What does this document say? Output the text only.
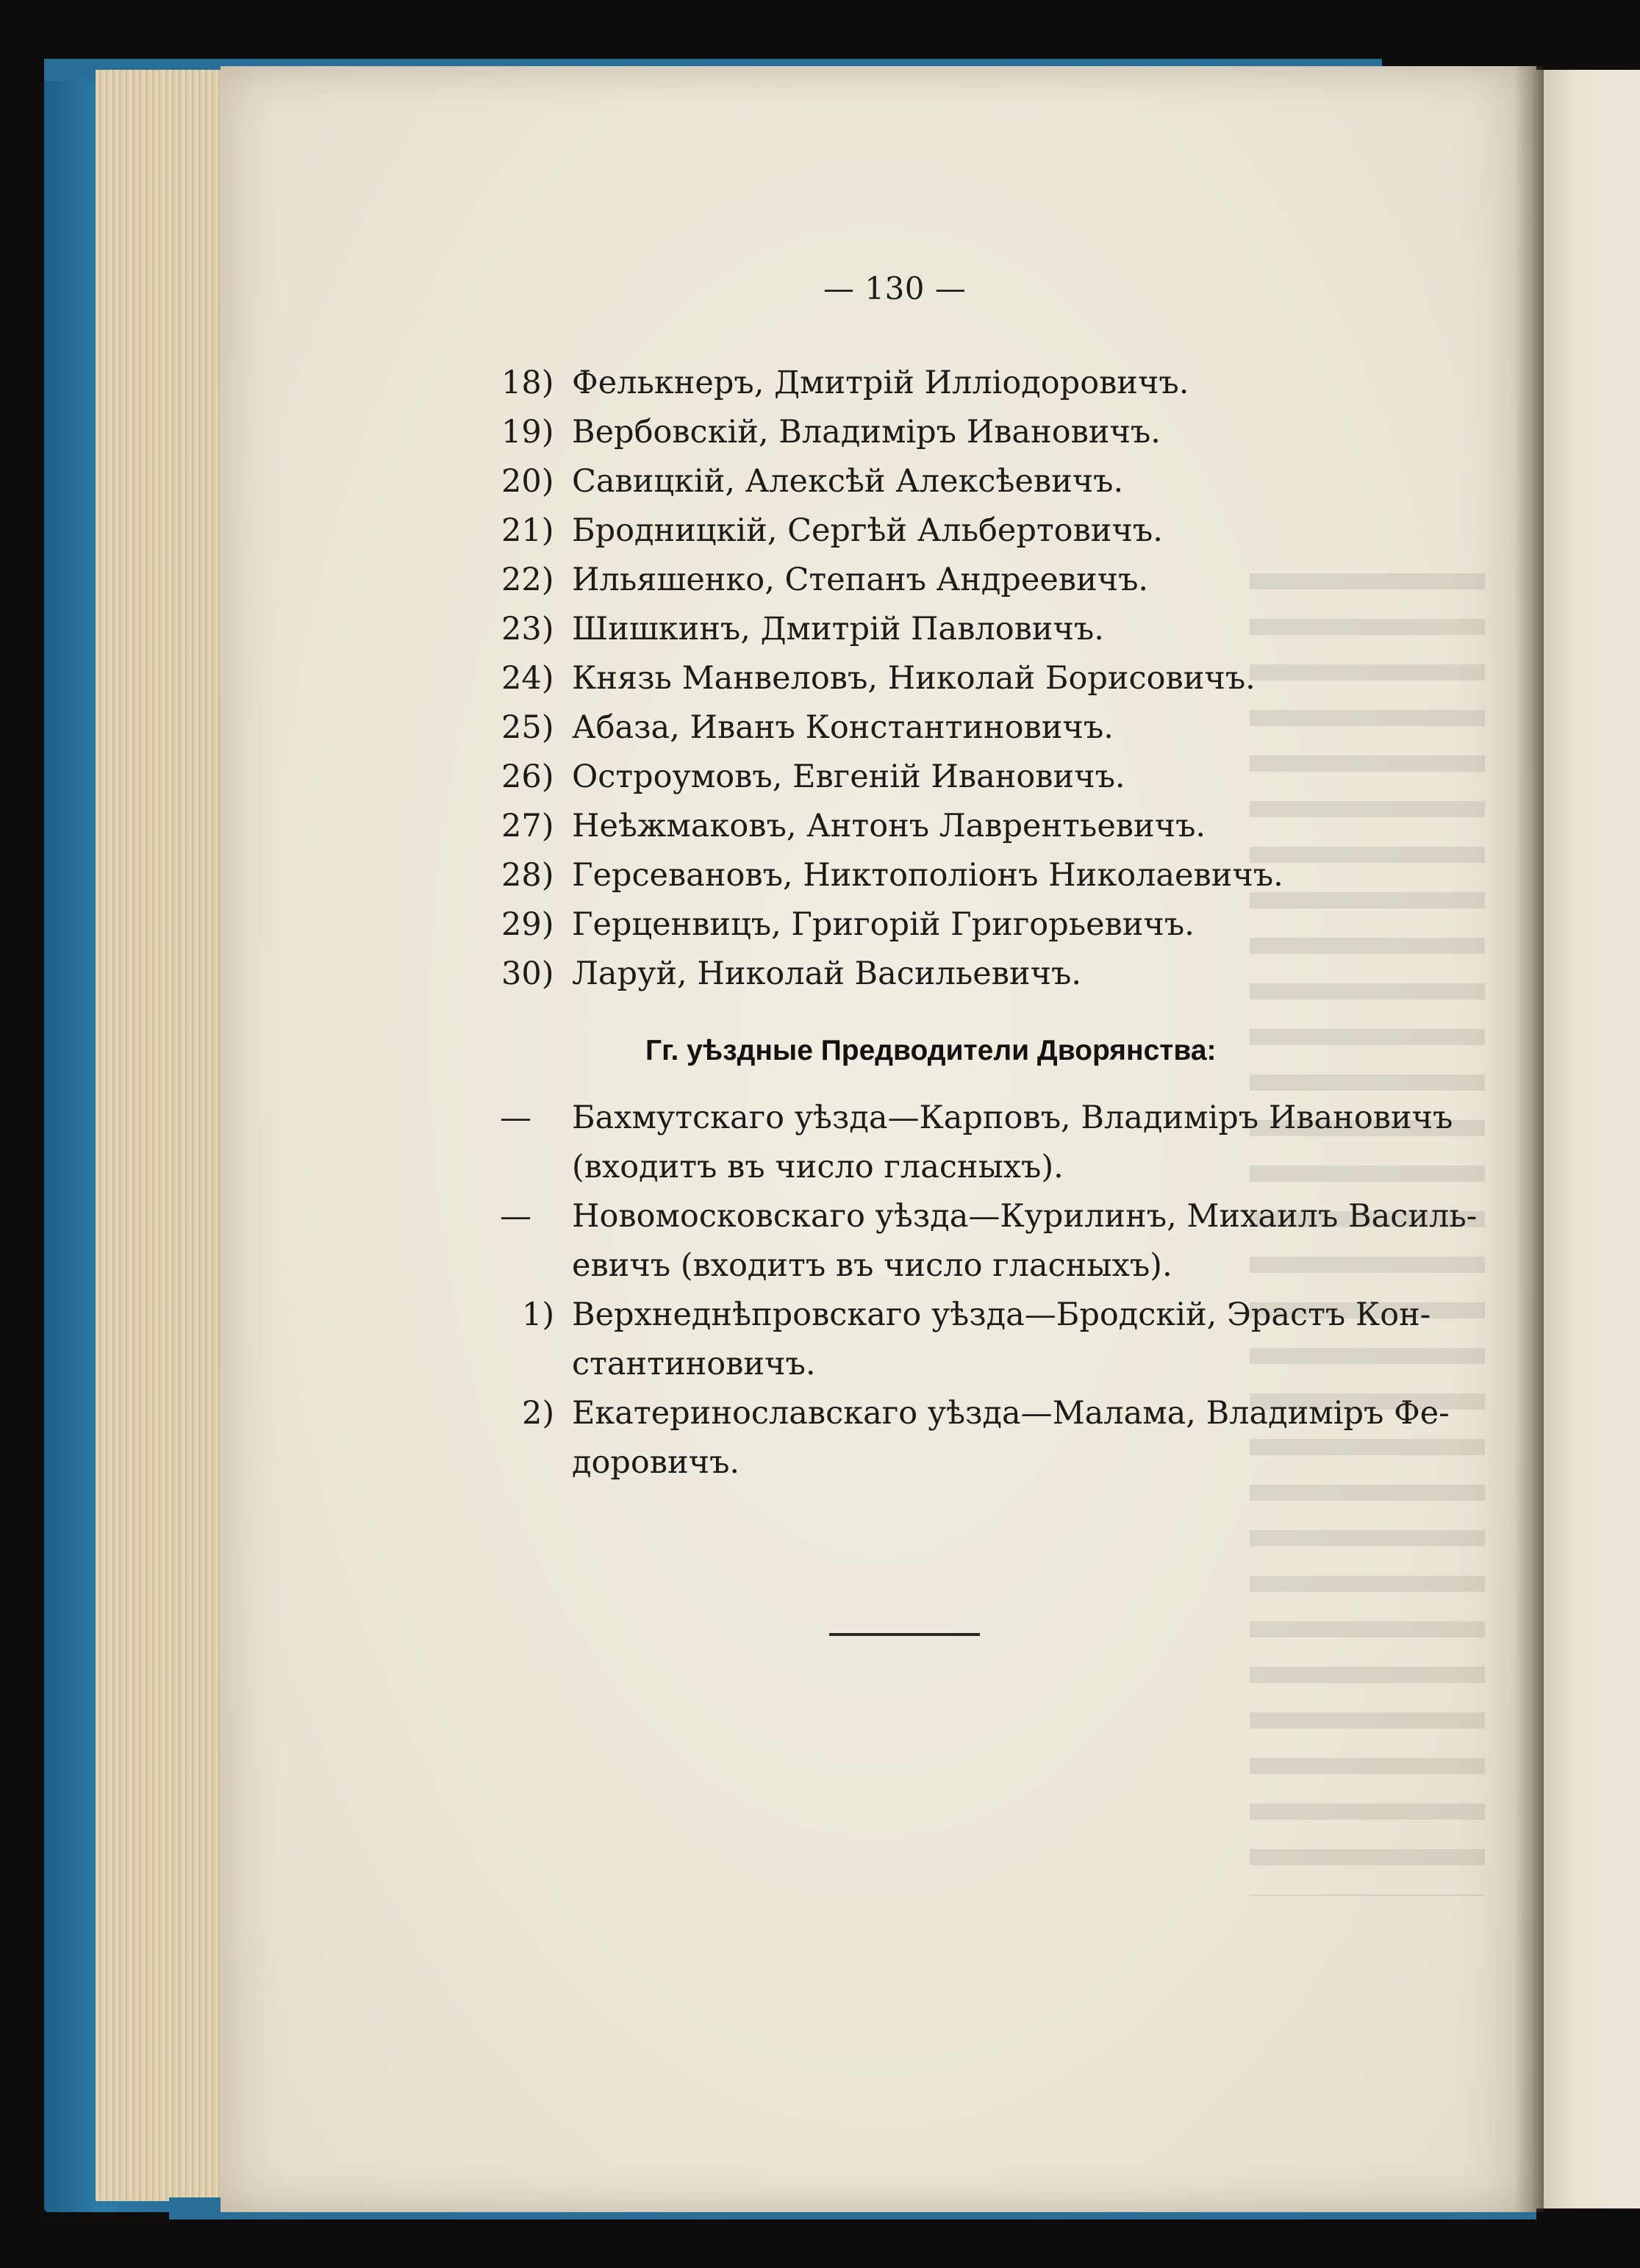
— 130 —
18) Фелькнеръ, Дмитрій Илліодоровичъ.
19) Вербовскій, Владиміръ Ивановичъ.
20) Савицкій, Алексѣй Алексѣевичъ.
21) Бродницкій, Сергѣй Альбертовичъ.
22) Ильяшенко, Степанъ Андреевичъ.
23) Шишкинъ, Дмитрій Павловичъ.
24) Князь Манвеловъ, Николай Борисовичъ.
25) Абаза, Иванъ Константиновичъ.
26) Остроумовъ, Евгеній Ивановичъ.
27) Неѣжмаковъ, Антонъ Лаврентьевичъ.
28) Герсевановъ, Никтополіонъ Николаевичъ.
29) Герценвицъ, Григорій Григорьевичъ.
30) Ларуй, Николай Васильевичъ.
Гг. уѣздные Предводители Дворянства:
— Бахмутскаго уѣзда—Карповъ, Владиміръ Ивановичъ
(входитъ въ число гласныхъ).
— Новомосковскаго уѣзда—Курилинъ, Михаилъ Василь-
евичъ (входитъ въ число гласныхъ).
1) Верхнеднѣпровскаго уѣзда—Бродскій, Эрастъ Кон-
стантиновичъ.
2) Екатеринославскаго уѣзда—Малама, Владиміръ Фе-
доровичъ.
